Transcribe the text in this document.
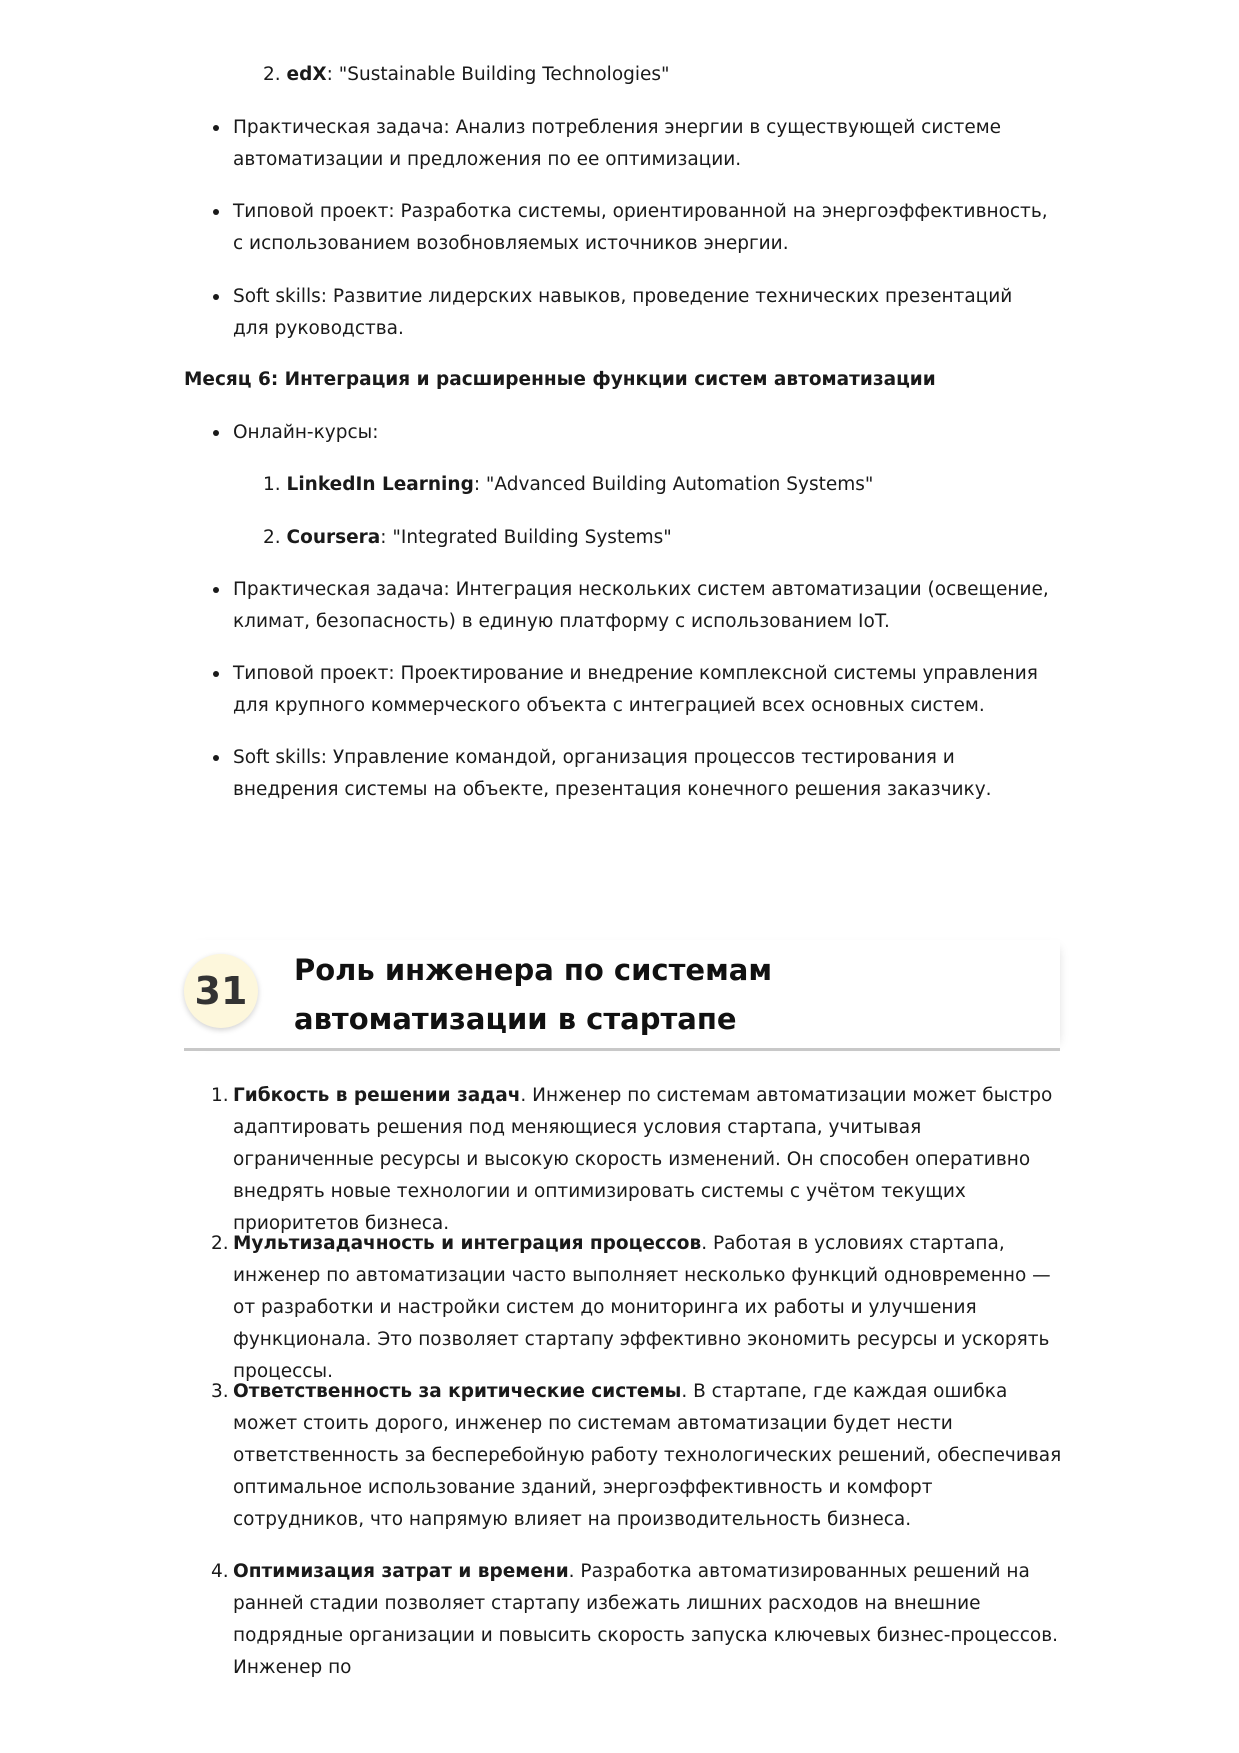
2. edX: "Sustainable Building Technologies"

Практическая задача: Анализ потребления энергии в существующей системе автоматизации и предложения по ее оптимизации.

Типовой проект: Разработка системы, ориентированной на энергоэффективность, с использованием возобновляемых источников энергии.

Soft skills: Развитие лидерских навыков, проведение технических презентаций для руководства.

Месяц 6: Интеграция и расширенные функции систем автоматизации

Онлайн-курсы:

1. LinkedIn Learning: "Advanced Building Automation Systems"

2. Coursera: "Integrated Building Systems"

Практическая задача: Интеграция нескольких систем автоматизации (освещение, климат, безопасность) в единую платформу с использованием IoT.

Типовой проект: Проектирование и внедрение комплексной системы управления для крупного коммерческого объекта с интеграцией всех основных систем.

Soft skills: Управление командой, организация процессов тестирования и внедрения системы на объекте, презентация конечного решения заказчику.

31	Роль инженера по системам автоматизации в стартапе

1. Гибкость в решении задач. Инженер по системам автоматизации может быстро адаптировать решения под меняющиеся условия стартапа, учитывая ограниченные ресурсы и высокую скорость изменений. Он способен оперативно внедрять новые технологии и оптимизировать системы с учётом текущих приоритетов бизнеса.

2. Мультизадачность и интеграция процессов. Работая в условиях стартапа, инженер по автоматизации часто выполняет несколько функций одновременно — от разработки и настройки систем до мониторинга их работы и улучшения функционала. Это позволяет стартапу эффективно экономить ресурсы и ускорять процессы.

3. Ответственность за критические системы. В стартапе, где каждая ошибка может стоить дорого, инженер по системам автоматизации будет нести ответственность за бесперебойную работу технологических решений, обеспечивая оптимальное использование зданий, энергоэффективность и комфорт сотрудников, что напрямую влияет на производительность бизнеса.

4. Оптимизация затрат и времени. Разработка автоматизированных решений на ранней стадии позволяет стартапу избежать лишних расходов на внешние подрядные организации и повысить скорость запуска ключевых бизнес-процессов. Инженер по
